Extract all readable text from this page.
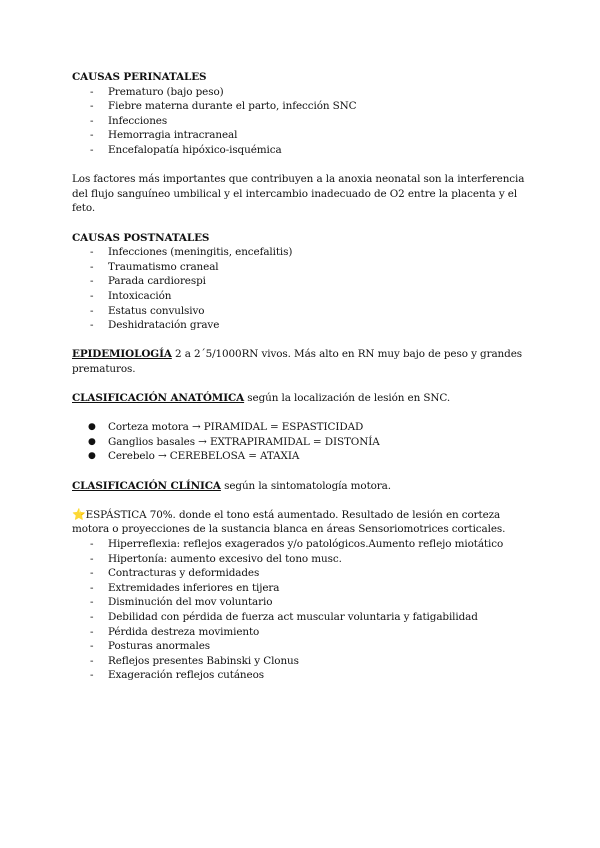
CAUSAS PERINATALES

- Prematuro (bajo peso)
- Fiebre materna durante el parto, infección SNC
- Infecciones
- Hemorragia intracraneal
- Encefalopatía hipóxico-isquémica

Los factores más importantes que contribuyen a la anoxia neonatal son la interferencia del flujo sanguíneo umbilical y el intercambio inadecuado de O2 entre la placenta y el feto.

CAUSAS POSTNATALES

- Infecciones (meningitis, encefalitis)
- Traumatismo craneal
- Parada cardiorespi
- Intoxicación
- Estatus convulsivo
- Deshidratación grave

EPIDEMIOLOGÍA 2 a 2´5/1000RN vivos. Más alto en RN muy bajo de peso y grandes prematuros.

CLASIFICACIÓN ANATÓMICA según la localización de lesión en SNC.

● Corteza motora → PIRAMIDAL = ESPASTICIDAD
● Ganglios basales → EXTRAPIRAMIDAL = DISTONÍA
● Cerebelo → CEREBELOSA = ATAXIA

CLASIFICACIÓN CLÍNICA según la sintomatología motora.

⭐ESPÁSTICA 70%. donde el tono está aumentado. Resultado de lesión en corteza motora o proyecciones de la sustancia blanca en áreas Sensoriomotrices corticales.

- Hiperreflexia: reflejos exagerados y/o patológicos.Aumento reflejo miotático
- Hipertonía: aumento excesivo del tono musc.
- Contracturas y deformidades
- Extremidades inferiores en tijera
- Disminución del mov voluntario
- Debilidad con pérdida de fuerza act muscular voluntaria y fatigabilidad
- Pérdida destreza movimiento
- Posturas anormales
- Reflejos presentes Babinski y Clonus
- Exageración reflejos cutáneos
